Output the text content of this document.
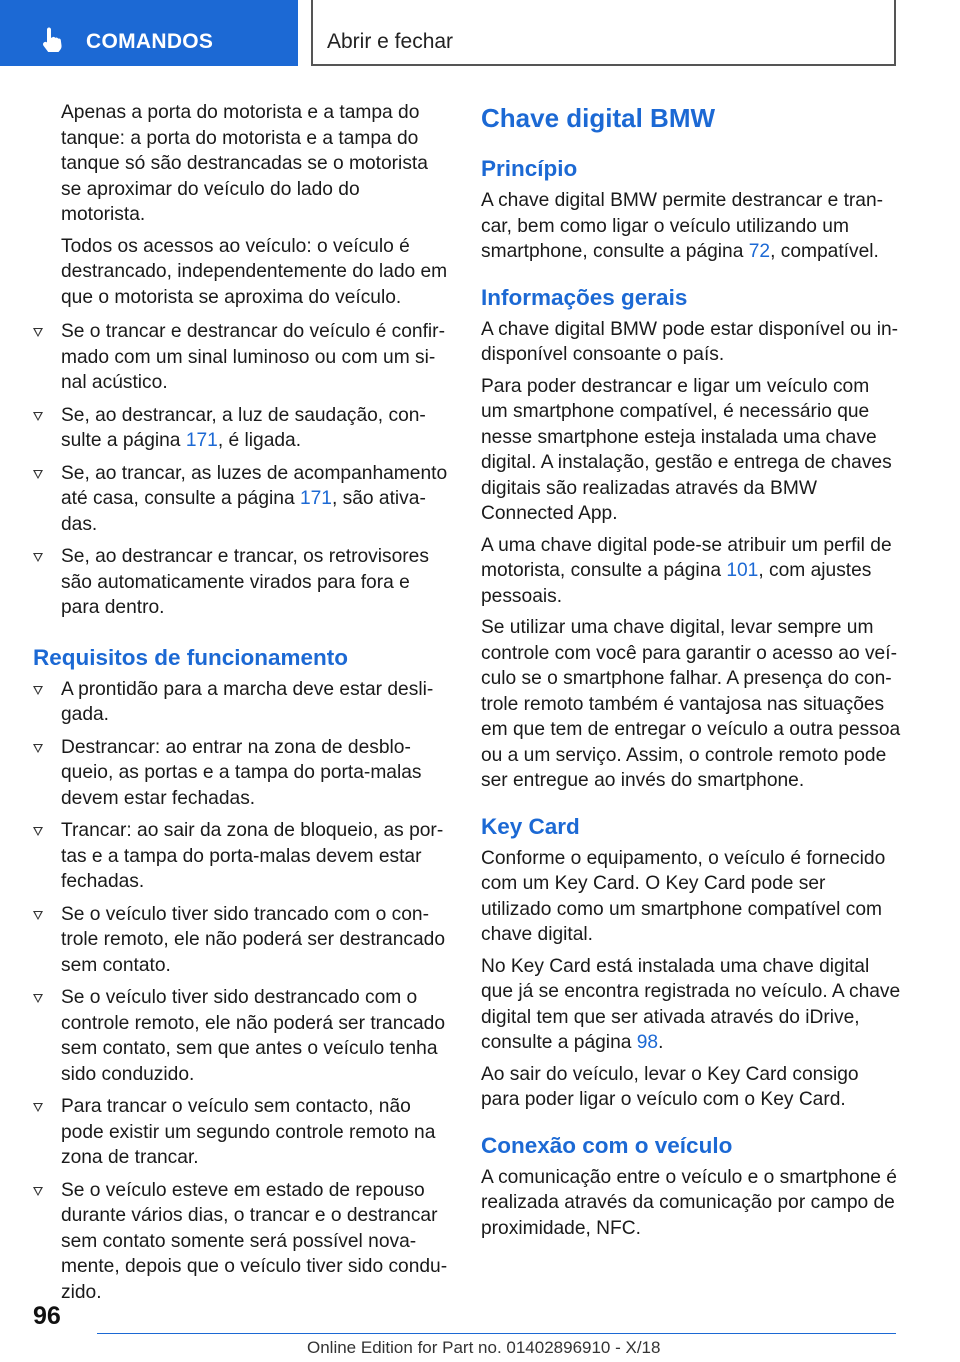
COMANDOS	Abrir e fechar

Apenas a porta do motorista e a tampa do tanque: a porta do motorista e a tampa do tanque só são destrancadas se o motorista se aproximar do veículo do lado do motorista.

Todos os acessos ao veículo: o veículo é destrancado, independentemente do lado em que o motorista se aproxima do veículo.

Se o trancar e destrancar do veículo é confirmado com um sinal luminoso ou com um sinal acústico.
Se, ao destrancar, a luz de saudação, consulte a página 171, é ligada.
Se, ao trancar, as luzes de acompanhamento até casa, consulte a página 171, são ativadas.
Se, ao destrancar e trancar, os retrovisores são automaticamente virados para fora e para dentro.
Requisitos de funcionamento
A prontidão para a marcha deve estar desligada.
Destrancar: ao entrar na zona de desbloqueio, as portas e a tampa do porta-malas devem estar fechadas.
Trancar: ao sair da zona de bloqueio, as portas e a tampa do porta-malas devem estar fechadas.
Se o veículo tiver sido trancado com o controle remoto, ele não poderá ser destrancado sem contato.
Se o veículo tiver sido destrancado com o controle remoto, ele não poderá ser trancado sem contato, sem que antes o veículo tenha sido conduzido.
Para trancar o veículo sem contacto, não pode existir um segundo controle remoto na zona de trancar.
Se o veículo esteve em estado de repouso durante vários dias, o trancar e o destrancar sem contato somente será possível novamente, depois que o veículo tiver sido conduzido.
Chave digital BMW
Princípio

A chave digital BMW permite destrancar e trancar, bem como ligar o veículo utilizando um smartphone, consulte a página 72, compatível.

Informações gerais

A chave digital BMW pode estar disponível ou indisponível consoante o país.

Para poder destrancar e ligar um veículo com um smartphone compatível, é necessário que nesse smartphone esteja instalada uma chave digital. A instalação, gestão e entrega de chaves digitais são realizadas através da BMW Connected App.

A uma chave digital pode-se atribuir um perfil de motorista, consulte a página 101, com ajustes pessoais.

Se utilizar uma chave digital, levar sempre um controle com você para garantir o acesso ao veículo se o smartphone falhar. A presença do controle remoto também é vantajosa nas situações em que tem de entregar o veículo a outra pessoa ou a um serviço. Assim, o controle remoto pode ser entregue ao invés do smartphone.

Key Card

Conforme o equipamento, o veículo é fornecido com um Key Card. O Key Card pode ser utilizado como um smartphone compatível com chave digital.

No Key Card está instalada uma chave digital que já se encontra registrada no veículo. A chave digital tem que ser ativada através do iDrive, consulte a página 98.

Ao sair do veículo, levar o Key Card consigo para poder ligar o veículo com o Key Card.

Conexão com o veículo

A comunicação entre o veículo e o smartphone é realizada através da comunicação por campo de proximidade, NFC.

96
Online Edition for Part no. 01402896910 - X/18
